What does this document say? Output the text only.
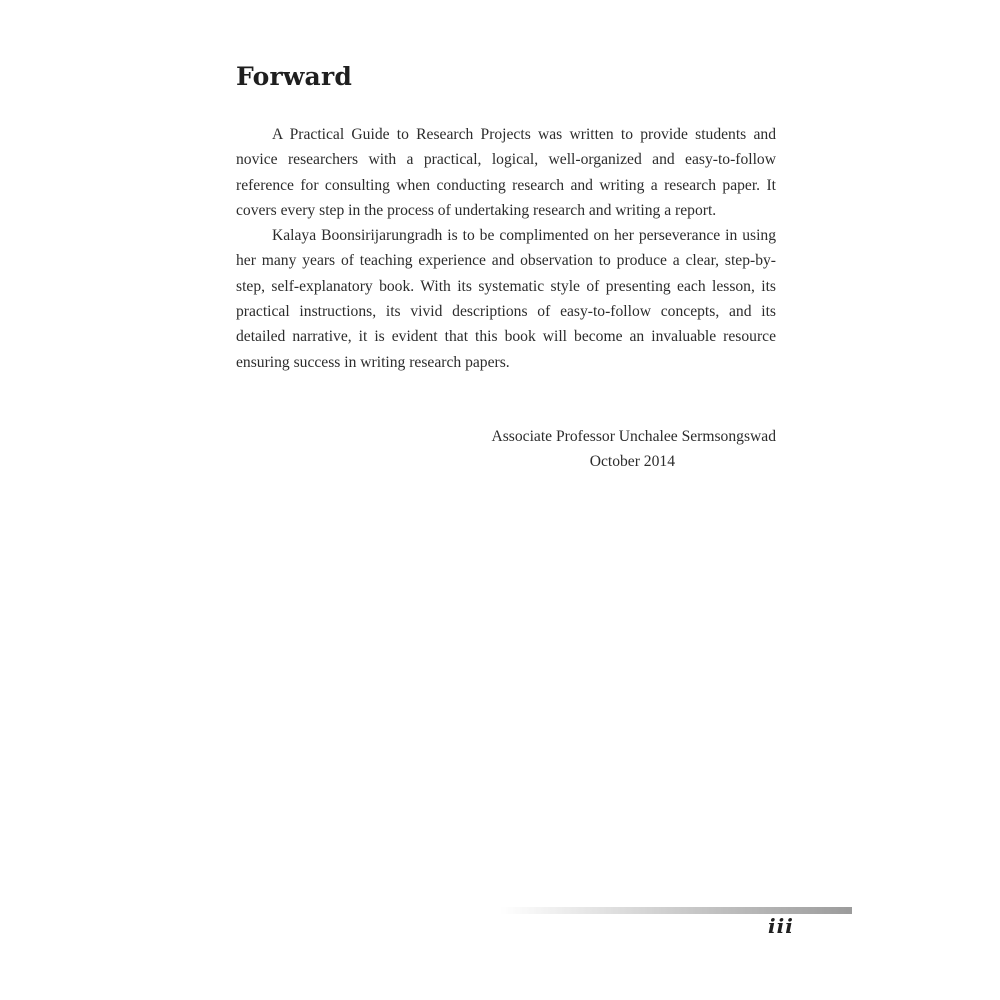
Forward

A Practical Guide to Research Projects was written to provide students and novice researchers with a practical, logical, well-organized and easy-to-follow reference for consulting when conducting research and writing a research paper. It covers every step in the process of undertaking research and writing a report.

Kalaya Boonsirijarungradh is to be complimented on her perseverance in using her many years of teaching experience and observation to produce a clear, step-by-step, self-explanatory book. With its systematic style of presenting each lesson, its practical instructions, its vivid descriptions of easy-to-follow concepts, and its detailed narrative, it is evident that this book will become an invaluable resource ensuring success in writing research papers.

Associate Professor Unchalee Sermsongswad
October 2014
iii
